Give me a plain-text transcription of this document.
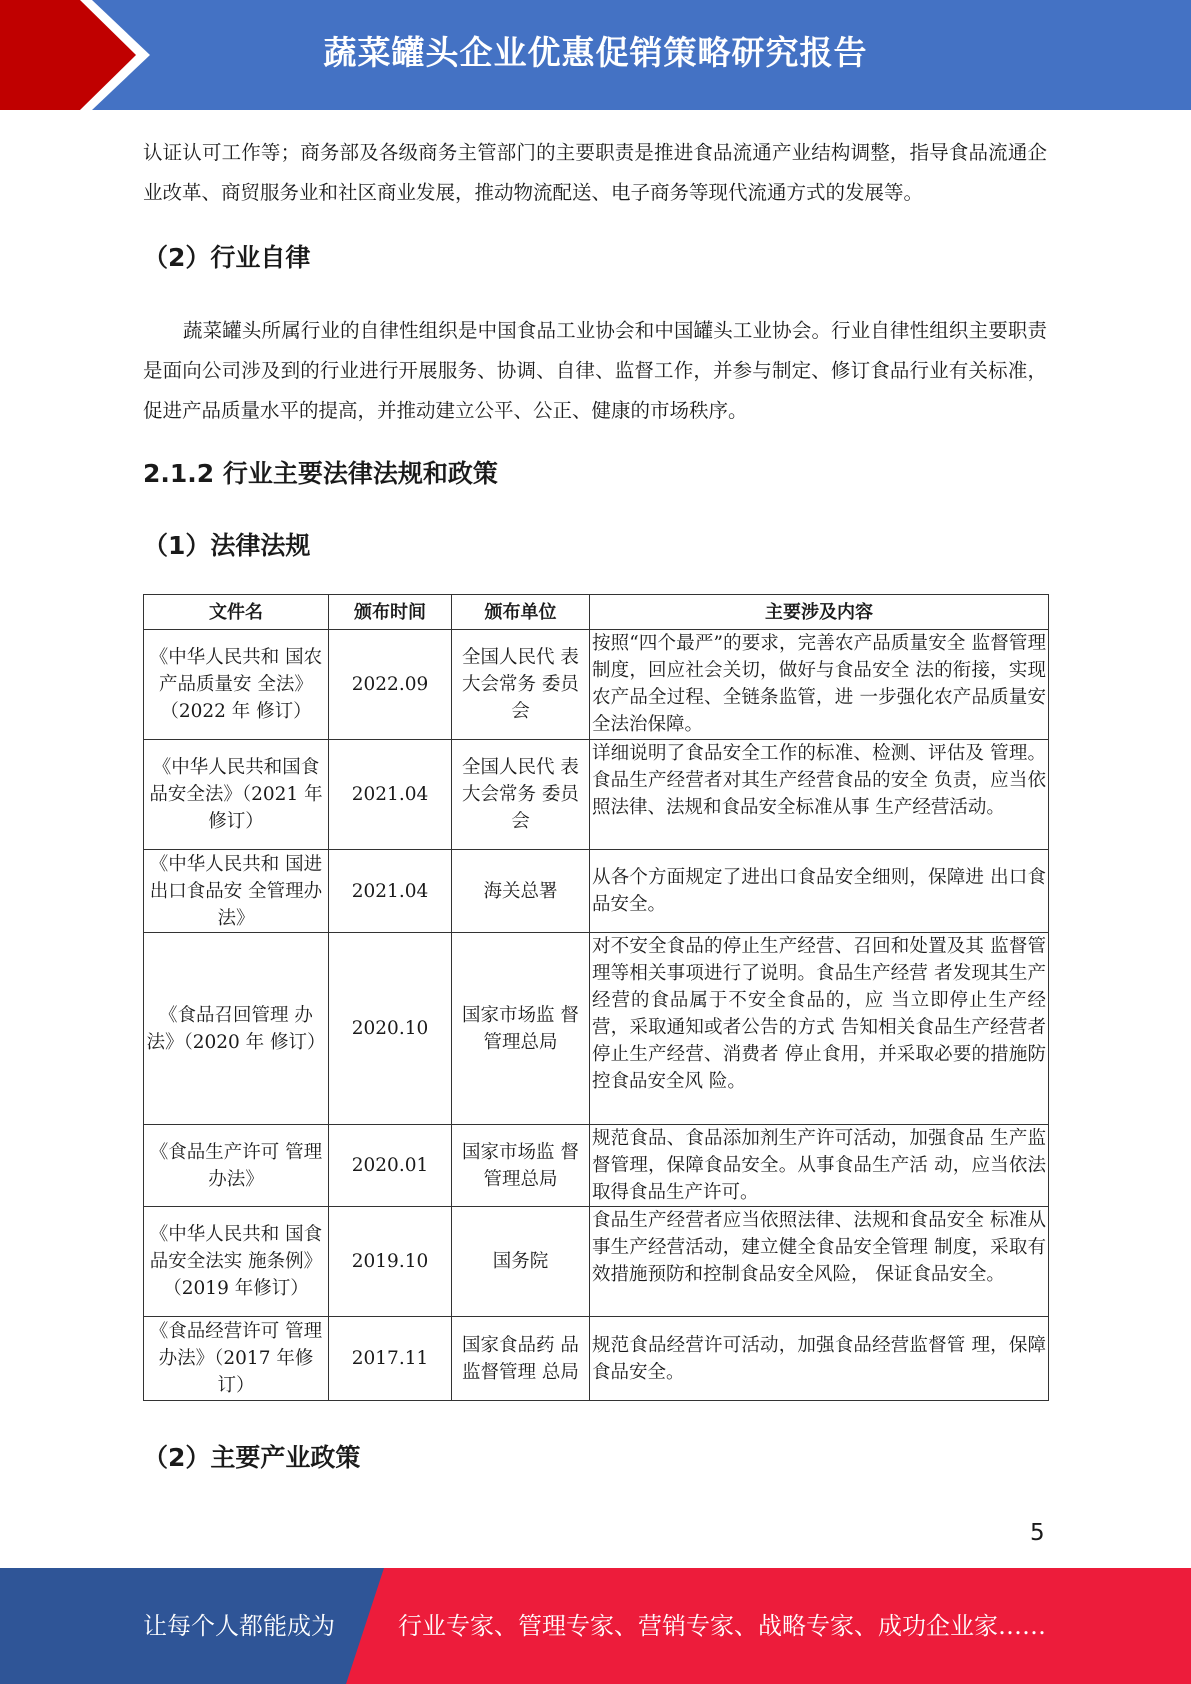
蔬菜罐头企业优惠促销策略研究报告
认证认可工作等；商务部及各级商务主管部门的主要职责是推进食品流通产业结构调整，指导食品流通企业改革、商贸服务业和社区商业发展，推动物流配送、电子商务等现代流通方式的发展等。
（2）行业自律
蔬菜罐头所属行业的自律性组织是中国食品工业协会和中国罐头工业协会。行业自律性组织主要职责是面向公司涉及到的行业进行开展服务、协调、自律、监督工作，并参与制定、修订食品行业有关标准，促进产品质量水平的提高，并推动建立公平、公正、健康的市场秩序。
2.1.2 行业主要法律法规和政策
（1）法律法规
文件名	颁布时间	颁布单位	主要涉及内容
《中华人民共和 国农产品质量安 全法》（2022 年 修订）	2022.09	全国人民代 表大会常务 委员会	按照“四个最严”的要求，完善农产品质量安全 监督管理制度，回应社会关切，做好与食品安全 法的衔接，实现农产品全过程、全链条监管，进 一步强化农产品质量安全法治保障。
《中华人民共和国食品安全法》（2021 年修订）	2021.04	全国人民代 表大会常务 委员会	详细说明了食品安全工作的标准、检测、评估及 管理。食品生产经营者对其生产经营食品的安全 负责，应当依照法律、法规和食品安全标准从事 生产经营活动。
《中华人民共和 国进出口食品安 全管理办法》	2021.04	海关总署	从各个方面规定了进出口食品安全细则，保障进 出口食品安全。
《食品召回管理 办法》（2020 年 修订）	2020.10	国家市场监 督管理总局	对不安全食品的停止生产经营、召回和处置及其 监督管理等相关事项进行了说明。食品生产经营 者发现其生产经营的食品属于不安全食品的，应 当立即停止生产经营，采取通知或者公告的方式 告知相关食品生产经营者停止生产经营、消费者 停止食用，并采取必要的措施防控食品安全风 险。
《食品生产许可 管理办法》	2020.01	国家市场监 督管理总局	规范食品、食品添加剂生产许可活动，加强食品 生产监督管理，保障食品安全。从事食品生产活 动，应当依法取得食品生产许可。
《中华人民共和 国食品安全法实 施条例》（2019 年修订）	2019.10	国务院	食品生产经营者应当依照法律、法规和食品安全 标准从事生产经营活动，建立健全食品安全管理 制度，采取有效措施预防和控制食品安全风险， 保证食品安全。
《食品经营许可 管理办法》（2017 年修订）	2017.11	国家食品药 品监督管理 总局	规范食品经营许可活动，加强食品经营监督管 理，保障食品安全。
（2）主要产业政策
5
让每个人都能成为	行业专家、管理专家、营销专家、战略专家、成功企业家……
